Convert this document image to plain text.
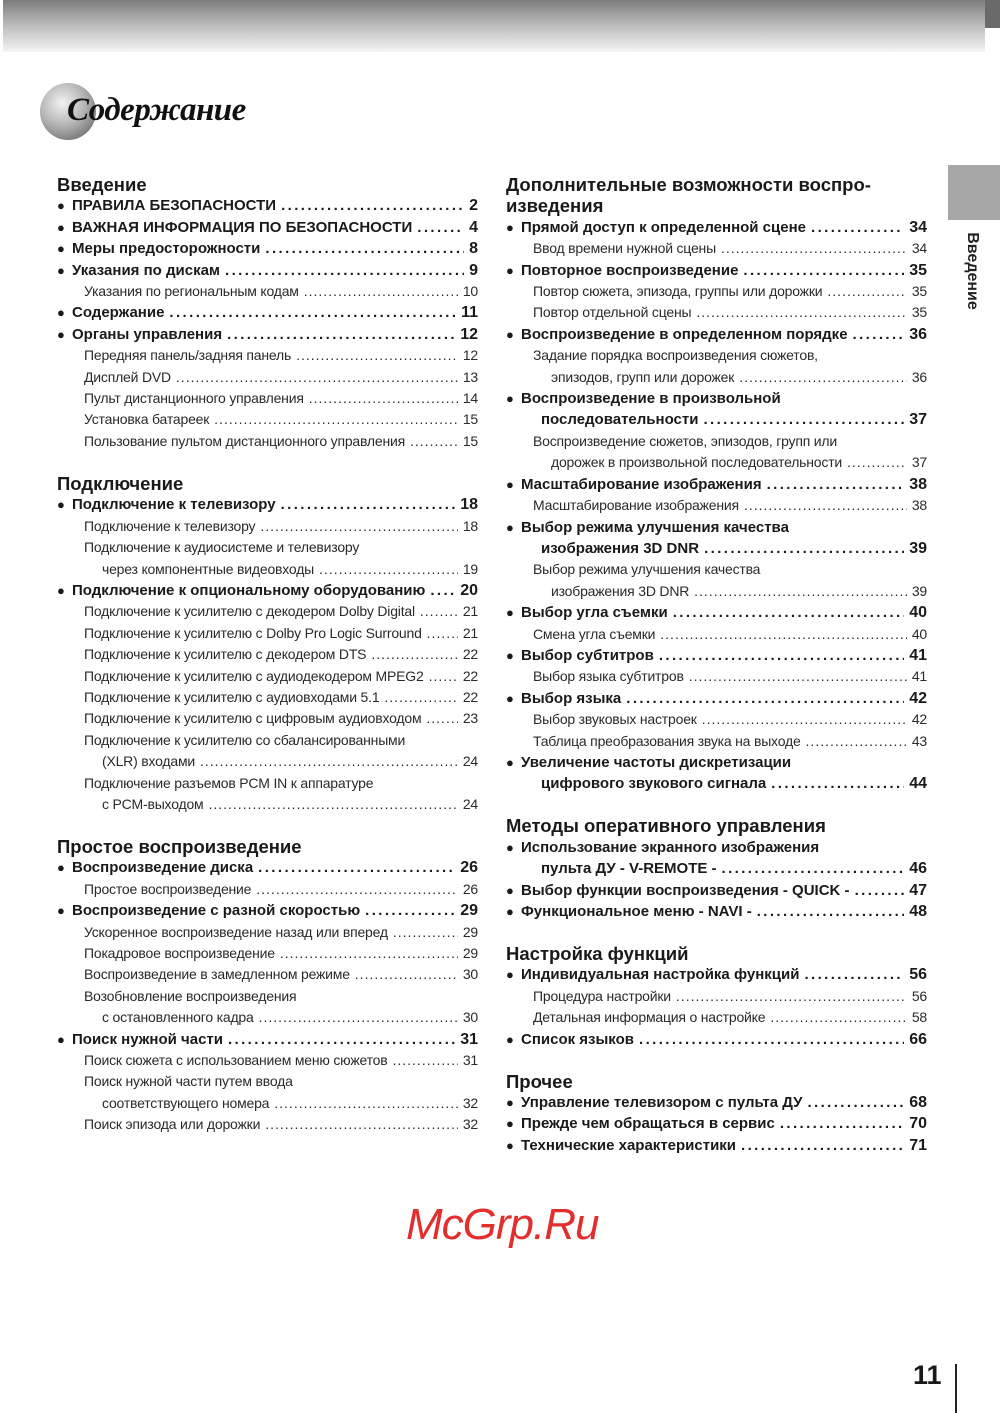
Содержание
Введение
Введение
● ПРАВИЛА БЕЗОПАСНОСТИ .....	2
● ВАЖНАЯ ИНФОРМАЦИЯ ПО БЕЗОПАСНОСТИ .....	4
● Меры предосторожности .....	8
● Указания по дискам .....	9
Указания по региональным кодам .....	10
● Содержание .....	11
● Органы управления .....	12
Передняя панель/задняя панель .....	12
Дисплей DVD .....	13
Пульт дистанционного управления .....	14
Установка батареек .....	15
Пользование пультом дистанционного управления .....	15
Подключение
● Подключение к телевизору .....	18
Подключение к телевизору .....	18
Подключение к аудиосистеме и телевизору
через компонентные видеовходы .....	19
● Подключение к опциональному оборудованию ..... 20
Подключение к усилителю с декодером Dolby Digital .....	21
Подключение к усилителю с Dolby Pro Logic Surround .....	21
Подключение к усилителю с декодером DTS .....	22
Подключение к усилителю с аудиодекодером MPEG2 .....	22
Подключение к усилителю с аудиовходами 5.1 .....	22
Подключение к усилителю с цифровым аудиовходом .....	23
Подключение к усилителю со сбалансированными
(XLR) входами .....	24
Подключение разъемов PCM IN к аппаратуре
с PCM-выходом .....	24
Простое воспроизведение
● Воспроизведение диска .....	26
Простое воспроизведение .....	26
● Воспроизведение с разной скоростью .....	29
Ускоренное воспроизведение назад или вперед .....	29
Покадровое воспроизведение .....	29
Воспроизведение в замедленном режиме .....	30
Возобновление воспроизведения
с остановленного кадра .....	30
● Поиск нужной части .....	31
Поиск сюжета с использованием меню сюжетов .....	31
Поиск нужной части путем ввода
соответствующего номера .....	32
Поиск эпизода или дорожки .....	32
Дополнительные возможности воспро-
изведения
● Прямой доступ к определенной сцене .....	34
Ввод времени нужной сцены .....	34
● Повторное воспроизведение .....	35
Повтор сюжета, эпизода, группы или дорожки .....	35
Повтор отдельной сцены .....	35
● Воспроизведение в определенном порядке .....	36
Задание порядка воспроизведения сюжетов,
эпизодов, групп или дорожек .....	36
● Воспроизведение в произвольной
последовательности .....	37
Воспроизведение сюжетов, эпизодов, групп или
дорожек в произвольной последовательности .....	37
● Масштабирование изображения .....	38
Масштабирование изображения .....	38
● Выбор режима улучшения качества
изображения 3D DNR .....	39
Выбор режима улучшения качества
изображения 3D DNR .....	39
● Выбор угла съемки .....	40
Смена угла съемки .....	40
● Выбор субтитров .....	41
Выбор языка субтитров .....	41
● Выбор языка .....	42
Выбор звуковых настроек .....	42
Таблица преобразования звука на выходе .....	43
● Увеличение частоты дискретизации
цифрового звукового сигнала .....	44
Методы оперативного управления
● Использование экранного изображения
пульта ДУ - V-REMOTE - .....	46
● Выбор функции воспроизведения - QUICK - .....	47
● Функциональное меню - NAVI - .....	48
Настройка функций
● Индивидуальная настройка функций .....	56
Процедура настройки .....	56
Детальная информация о настройке .....	58
● Список языков .....	66
Прочее
● Управление телевизором с пульта ДУ .....	68
● Прежде чем обращаться в сервис .....	70
● Технические характеристики .....	71
McGrp.Ru
11
